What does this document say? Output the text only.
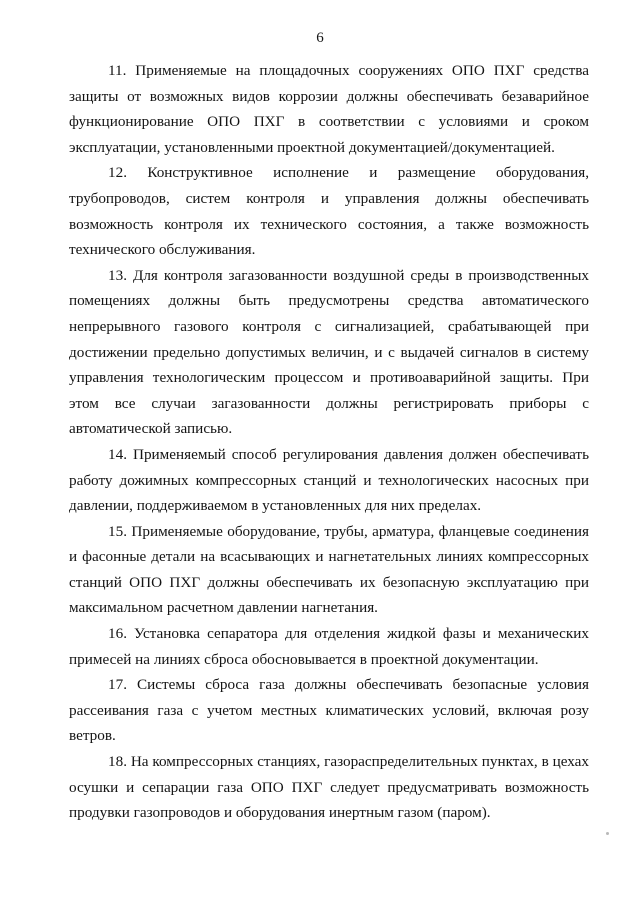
6

11. Применяемые на площадочных сооружениях ОПО ПХГ средства защиты от возможных видов коррозии должны обеспечивать безаварийное функционирование ОПО ПХГ в соответствии с условиями и сроком эксплуатации, установленными проектной документацией/документацией.

12. Конструктивное исполнение и размещение оборудования, трубопроводов, систем контроля и управления должны обеспечивать возможность контроля их технического состояния, а также возможность технического обслуживания.

13. Для контроля загазованности воздушной среды в производственных помещениях должны быть предусмотрены средства автоматического непрерывного газового контроля с сигнализацией, срабатывающей при достижении предельно допустимых величин, и с выдачей сигналов в систему управления технологическим процессом и противоаварийной защиты. При этом все случаи загазованности должны регистрировать приборы с автоматической записью.

14. Применяемый способ регулирования давления должен обеспечивать работу дожимных компрессорных станций и технологических насосных при давлении, поддерживаемом в установленных для них пределах.

15. Применяемые оборудование, трубы, арматура, фланцевые соединения и фасонные детали на всасывающих и нагнетательных линиях компрессорных станций ОПО ПХГ должны обеспечивать их безопасную эксплуатацию при максимальном расчетном давлении нагнетания.

16. Установка сепаратора для отделения жидкой фазы и механических примесей на линиях сброса обосновывается в проектной документации.

17. Системы сброса газа должны обеспечивать безопасные условия рассеивания газа с учетом местных климатических условий, включая розу ветров.

18. На компрессорных станциях, газораспределительных пунктах, в цехах осушки и сепарации газа ОПО ПХГ следует предусматривать возможность продувки газопроводов и оборудования инертным газом (паром).
